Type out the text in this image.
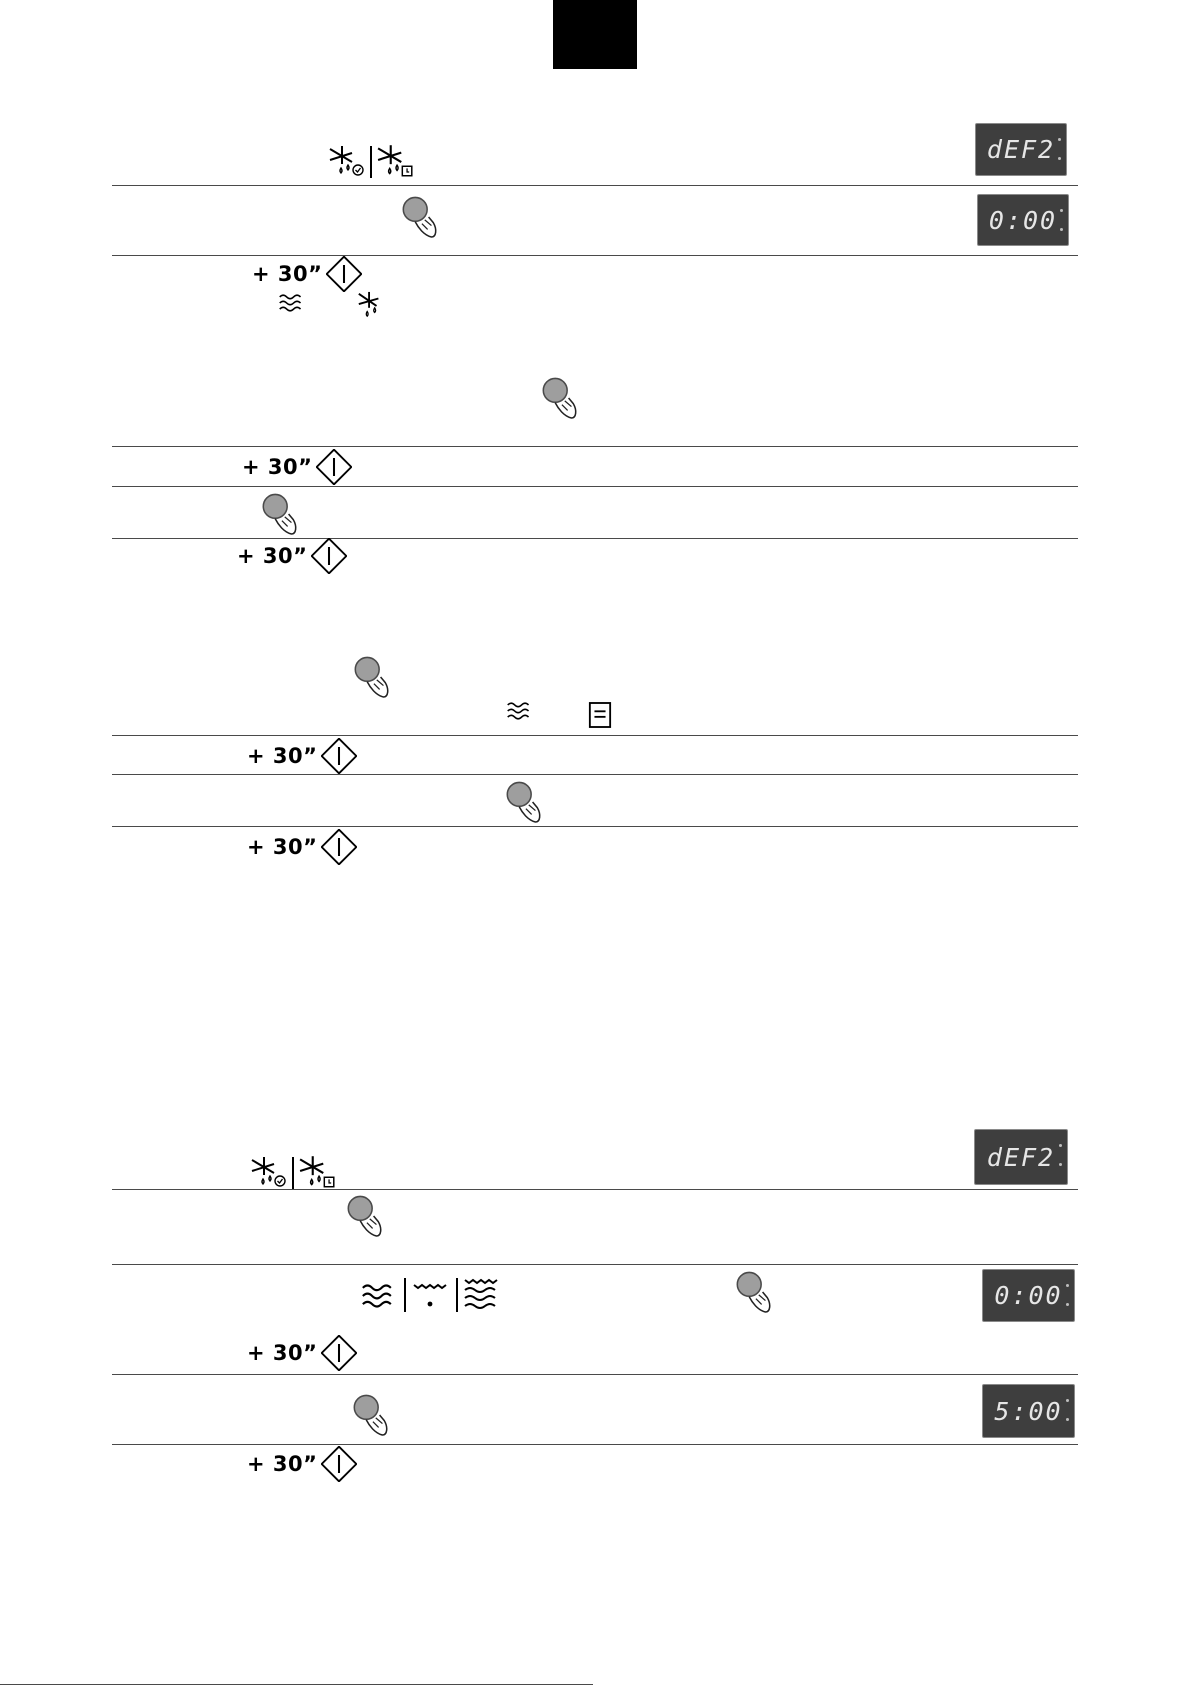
dEF2
0:00
+ 30”
+ 30”
+ 30”
+ 30”
+ 30”
dEF2
0:00
+ 30”
5:00
+ 30”
